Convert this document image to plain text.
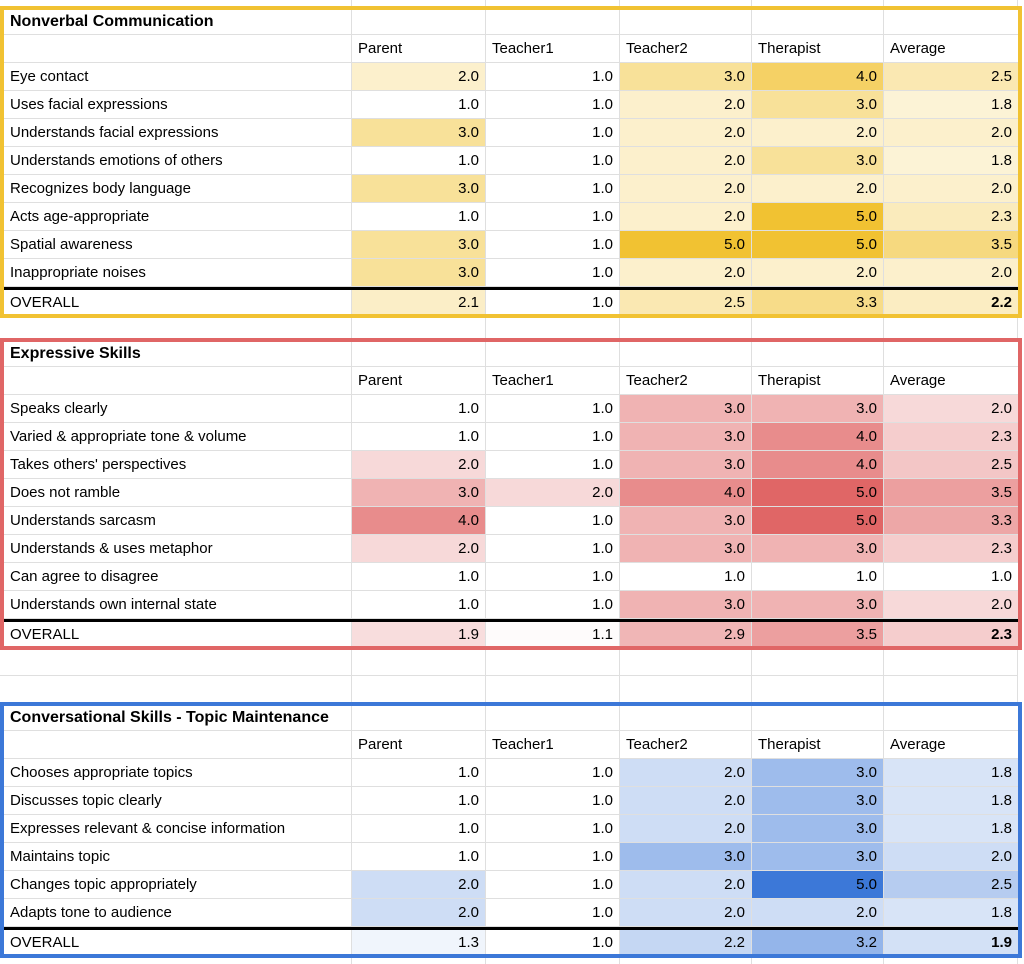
Nonverbal Communication
Parent	Teacher1	Teacher2	Therapist	Average
Eye contact	2.0	1.0	3.0	4.0	2.5
Uses facial expressions	1.0	1.0	2.0	3.0	1.8
Understands facial expressions	3.0	1.0	2.0	2.0	2.0
Understands emotions of others	1.0	1.0	2.0	3.0	1.8
Recognizes body language	3.0	1.0	2.0	2.0	2.0
Acts age-appropriate	1.0	1.0	2.0	5.0	2.3
Spatial awareness	3.0	1.0	5.0	5.0	3.5
Inappropriate noises	3.0	1.0	2.0	2.0	2.0
OVERALL	2.1	1.0	2.5	3.3	2.2
Expressive Skills
Parent	Teacher1	Teacher2	Therapist	Average
Speaks clearly	1.0	1.0	3.0	3.0	2.0
Varied & appropriate tone & volume	1.0	1.0	3.0	4.0	2.3
Takes others' perspectives	2.0	1.0	3.0	4.0	2.5
Does not ramble	3.0	2.0	4.0	5.0	3.5
Understands sarcasm	4.0	1.0	3.0	5.0	3.3
Understands & uses metaphor	2.0	1.0	3.0	3.0	2.3
Can agree to disagree	1.0	1.0	1.0	1.0	1.0
Understands own internal state	1.0	1.0	3.0	3.0	2.0
OVERALL	1.9	1.1	2.9	3.5	2.3
Conversational Skills - Topic Maintenance
Parent	Teacher1	Teacher2	Therapist	Average
Chooses appropriate topics	1.0	1.0	2.0	3.0	1.8
Discusses topic clearly	1.0	1.0	2.0	3.0	1.8
Expresses relevant & concise information	1.0	1.0	2.0	3.0	1.8
Maintains topic	1.0	1.0	3.0	3.0	2.0
Changes topic appropriately	2.0	1.0	2.0	5.0	2.5
Adapts tone to audience	2.0	1.0	2.0	2.0	1.8
OVERALL	1.3	1.0	2.2	3.2	1.9
